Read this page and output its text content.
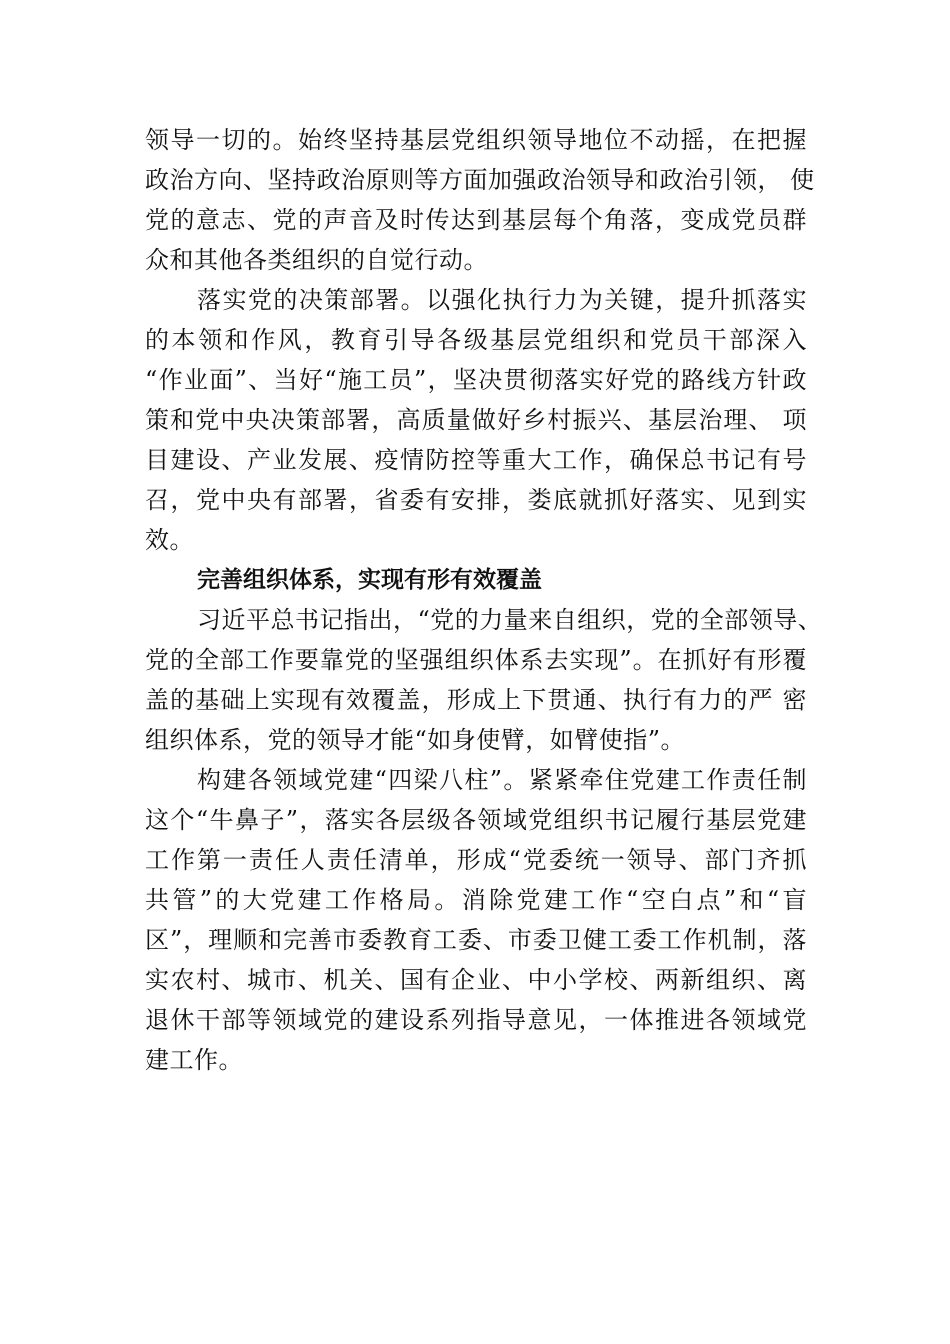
领导一切的。始终坚持基层党组织领导地位不动摇，在把握
政治方向、坚持政治原则等方面加强政治领导和政治引领， 使
党的意志、党的声音及时传达到基层每个角落，变成党员群
众和其他各类组织的自觉行动。
落实党的决策部署。以强化执行力为关键，提升抓落实
的本领和作风，教育引导各级基层党组织和党员干部深入
“作业面”、当好“施工员”，坚决贯彻落实好党的路线方针政
策和党中央决策部署，高质量做好乡村振兴、基层治理、 项
目建设、产业发展、疫情防控等重大工作，确保总书记有号
召，党中央有部署，省委有安排，娄底就抓好落实、见到实
效。
完善组织体系，实现有形有效覆盖
习近平总书记指出，“党的力量来自组织，党的全部领导、
党的全部工作要靠党的坚强组织体系去实现”。在抓好有形覆
盖的基础上实现有效覆盖，形成上下贯通、执行有力的严 密
组织体系，党的领导才能“如身使臂，如臂使指”。
构建各领域党建“四梁八柱”。紧紧牵住党建工作责任制
这个“牛鼻子”，落实各层级各领域党组织书记履行基层党建
工作第一责任人责任清单，形成“党委统一领导、部门齐抓
共管”的大党建工作格局。消除党建工作“空白点”和“盲
区”，理顺和完善市委教育工委、市委卫健工委工作机制，落
实农村、城市、机关、国有企业、中小学校、两新组织、离
退休干部等领域党的建设系列指导意见，一体推进各领域党
建工作。
